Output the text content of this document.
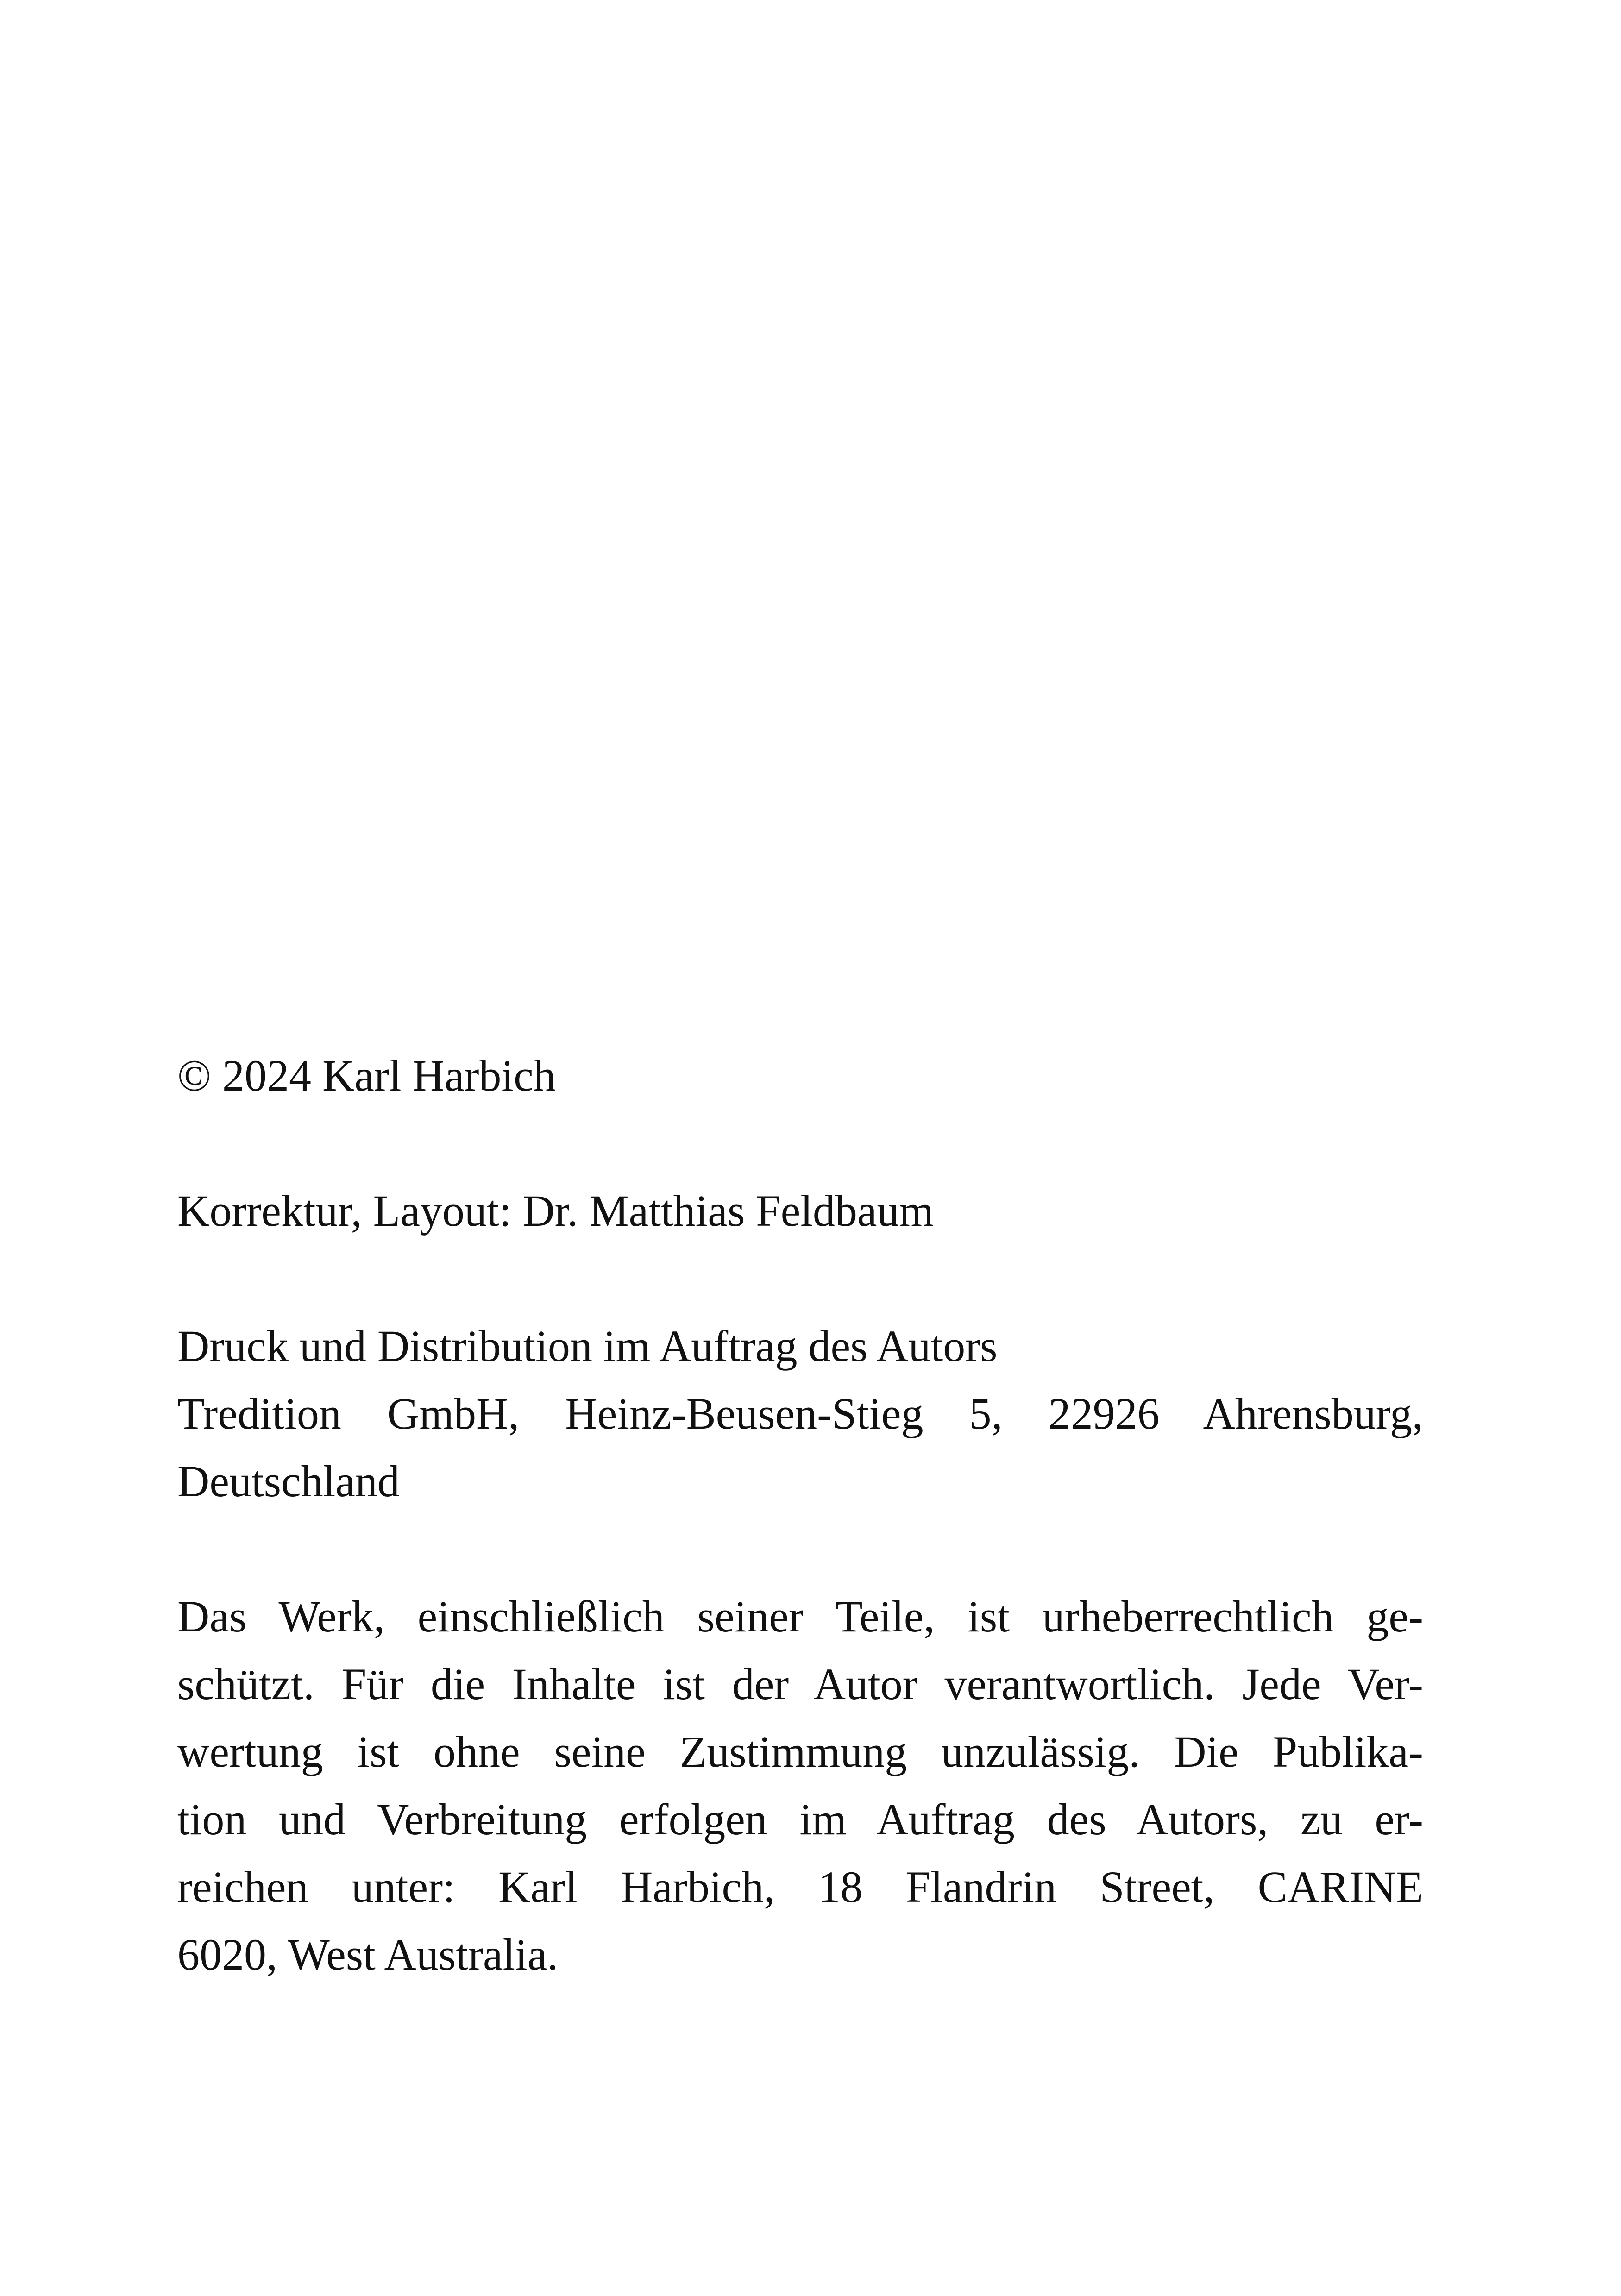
© 2024 Karl Harbich

Korrektur, Layout: Dr. Matthias Feldbaum

Druck und Distribution im Auftrag des Autors
Tredition GmbH, Heinz-Beusen-Stieg 5, 22926 Ahrensburg,
Deutschland

Das Werk, einschließlich seiner Teile, ist urheberrechtlich ge-
schützt. Für die Inhalte ist der Autor verantwortlich. Jede Ver-
wertung ist ohne seine Zustimmung unzulässig. Die Publika-
tion und Verbreitung erfolgen im Auftrag des Autors, zu er-
reichen unter: Karl Harbich, 18 Flandrin Street, CARINE
6020, West Australia.
